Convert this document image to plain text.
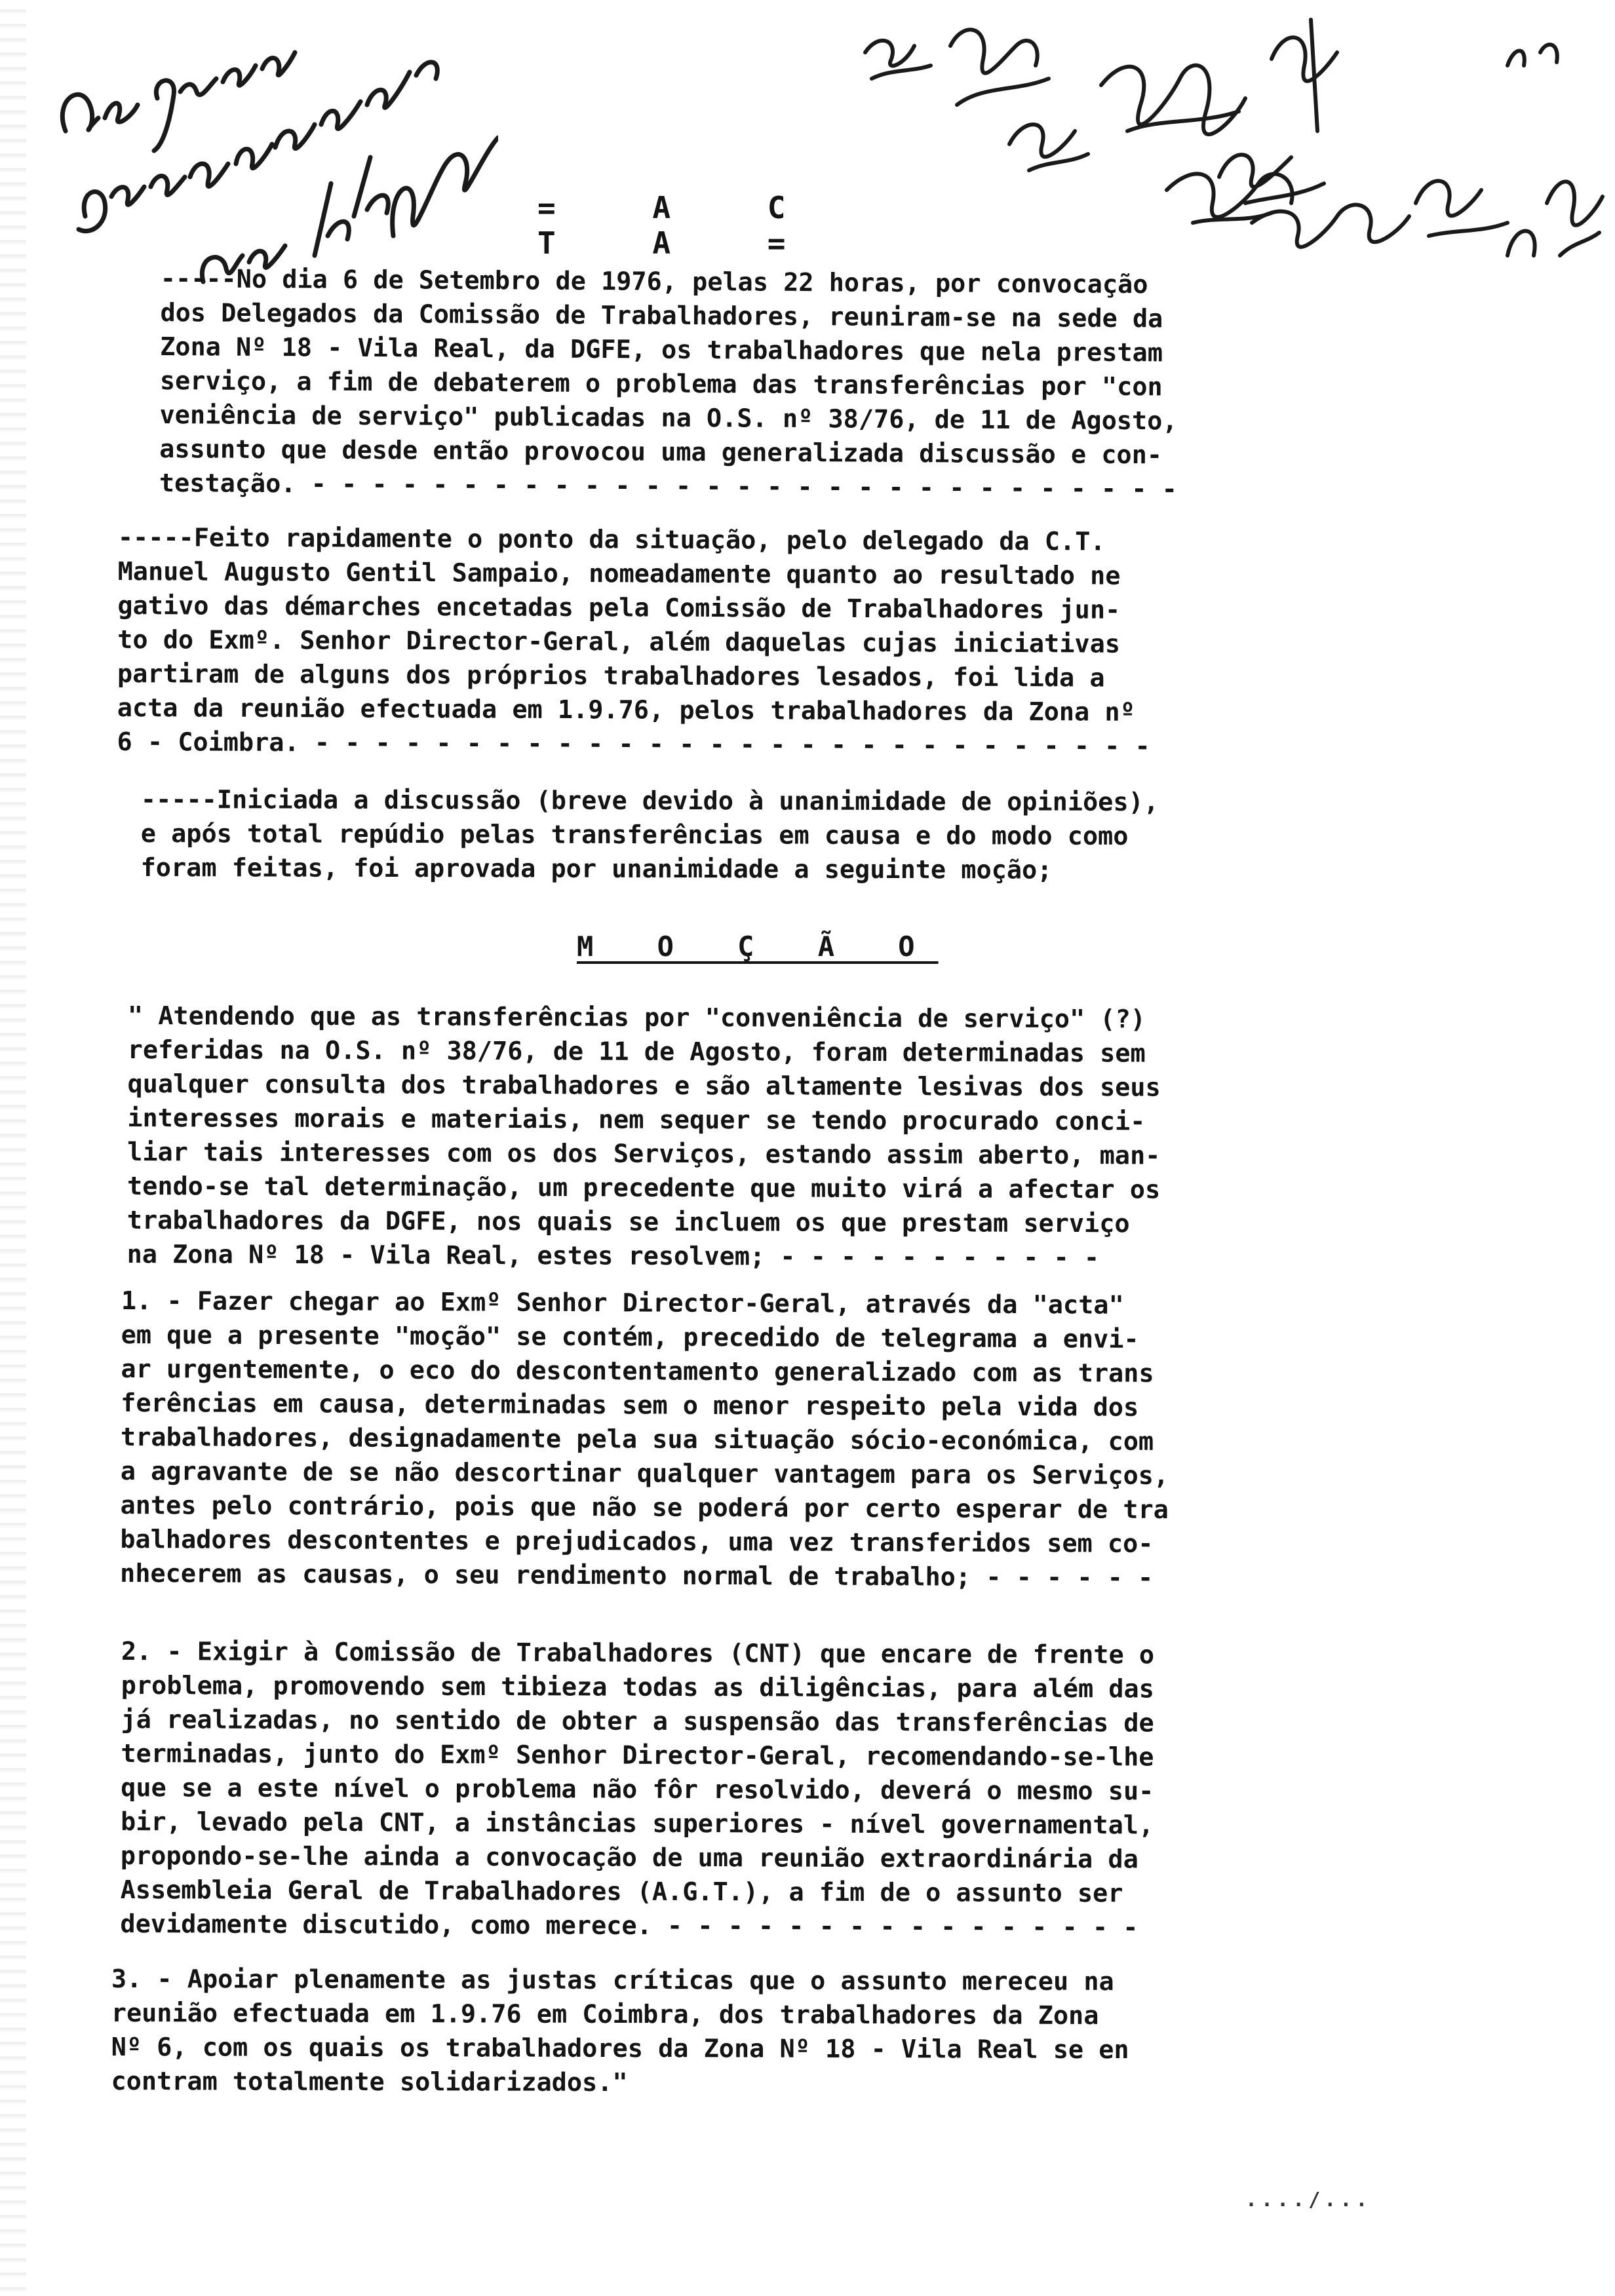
= A C T A =
-----No dia 6 de Setembro de 1976, pelas 22 horas, por convocação
dos Delegados da Comissão de Trabalhadores, reuniram-se na sede da
Zona Nº 18 - Vila Real, da DGFE, os trabalhadores que nela prestam
serviço, a fim de debaterem o problema das transferências por "con
veniência de serviço" publicadas na O.S. nº 38/76, de 11 de Agosto,
assunto que desde então provocou uma generalizada discussão e con-
testação. - - - - - - - - - - - - - - - - - - - - - - - - - - - - -
-----Feito rapidamente o ponto da situação, pelo delegado da C.T.
Manuel Augusto Gentil Sampaio, nomeadamente quanto ao resultado ne
gativo das démarches encetadas pela Comissão de Trabalhadores jun-
to do Exmº. Senhor Director-Geral, além daquelas cujas iniciativas
partiram de alguns dos próprios trabalhadores lesados, foi lida a
acta da reunião efectuada em 1.9.76, pelos trabalhadores da Zona nº
6 - Coimbra. - - - - - - - - - - - - - - - - - - - - - - - - - - - -
-----Iniciada a discussão (breve devido à unanimidade de opiniões),
e após total repúdio pelas transferências em causa e do modo como
foram feitas, foi aprovada por unanimidade a seguinte moção;
M O Ç Ã O
" Atendendo que as transferências por "conveniência de serviço" (?)
referidas na O.S. nº 38/76, de 11 de Agosto, foram determinadas sem
qualquer consulta dos trabalhadores e são altamente lesivas dos seus
interesses morais e materiais, nem sequer se tendo procurado conci-
liar tais interesses com os dos Serviços, estando assim aberto, man-
tendo-se tal determinação, um precedente que muito virá a afectar os
trabalhadores da DGFE, nos quais se incluem os que prestam serviço
na Zona Nº 18 - Vila Real, estes resolvem; - - - - - - - - - - -
1. - Fazer chegar ao Exmº Senhor Director-Geral, através da "acta"
em que a presente "moção" se contém, precedido de telegrama a envi-
ar urgentemente, o eco do descontentamento generalizado com as trans
ferências em causa, determinadas sem o menor respeito pela vida dos
trabalhadores, designadamente pela sua situação sócio-económica, com
a agravante de se não descortinar qualquer vantagem para os Serviços,
antes pelo contrário, pois que não se poderá por certo esperar de tra
balhadores descontentes e prejudicados, uma vez transferidos sem co-
nhecerem as causas, o seu rendimento normal de trabalho; - - - - - -
2. - Exigir à Comissão de Trabalhadores (CNT) que encare de frente o
problema, promovendo sem tibieza todas as diligências, para além das
já realizadas, no sentido de obter a suspensão das transferências de
terminadas, junto do Exmº Senhor Director-Geral, recomendando-se-lhe
que se a este nível o problema não fôr resolvido, deverá o mesmo su-
bir, levado pela CNT, a instâncias superiores - nível governamental,
propondo-se-lhe ainda a convocação de uma reunião extraordinária da
Assembleia Geral de Trabalhadores (A.G.T.), a fim de o assunto ser
devidamente discutido, como merece. - - - - - - - - - - - - - - - -
3. - Apoiar plenamente as justas críticas que o assunto mereceu na
reunião efectuada em 1.9.76 em Coimbra, dos trabalhadores da Zona
Nº 6, com os quais os trabalhadores da Zona Nº 18 - Vila Real se en
contram totalmente solidarizados."
..../...
